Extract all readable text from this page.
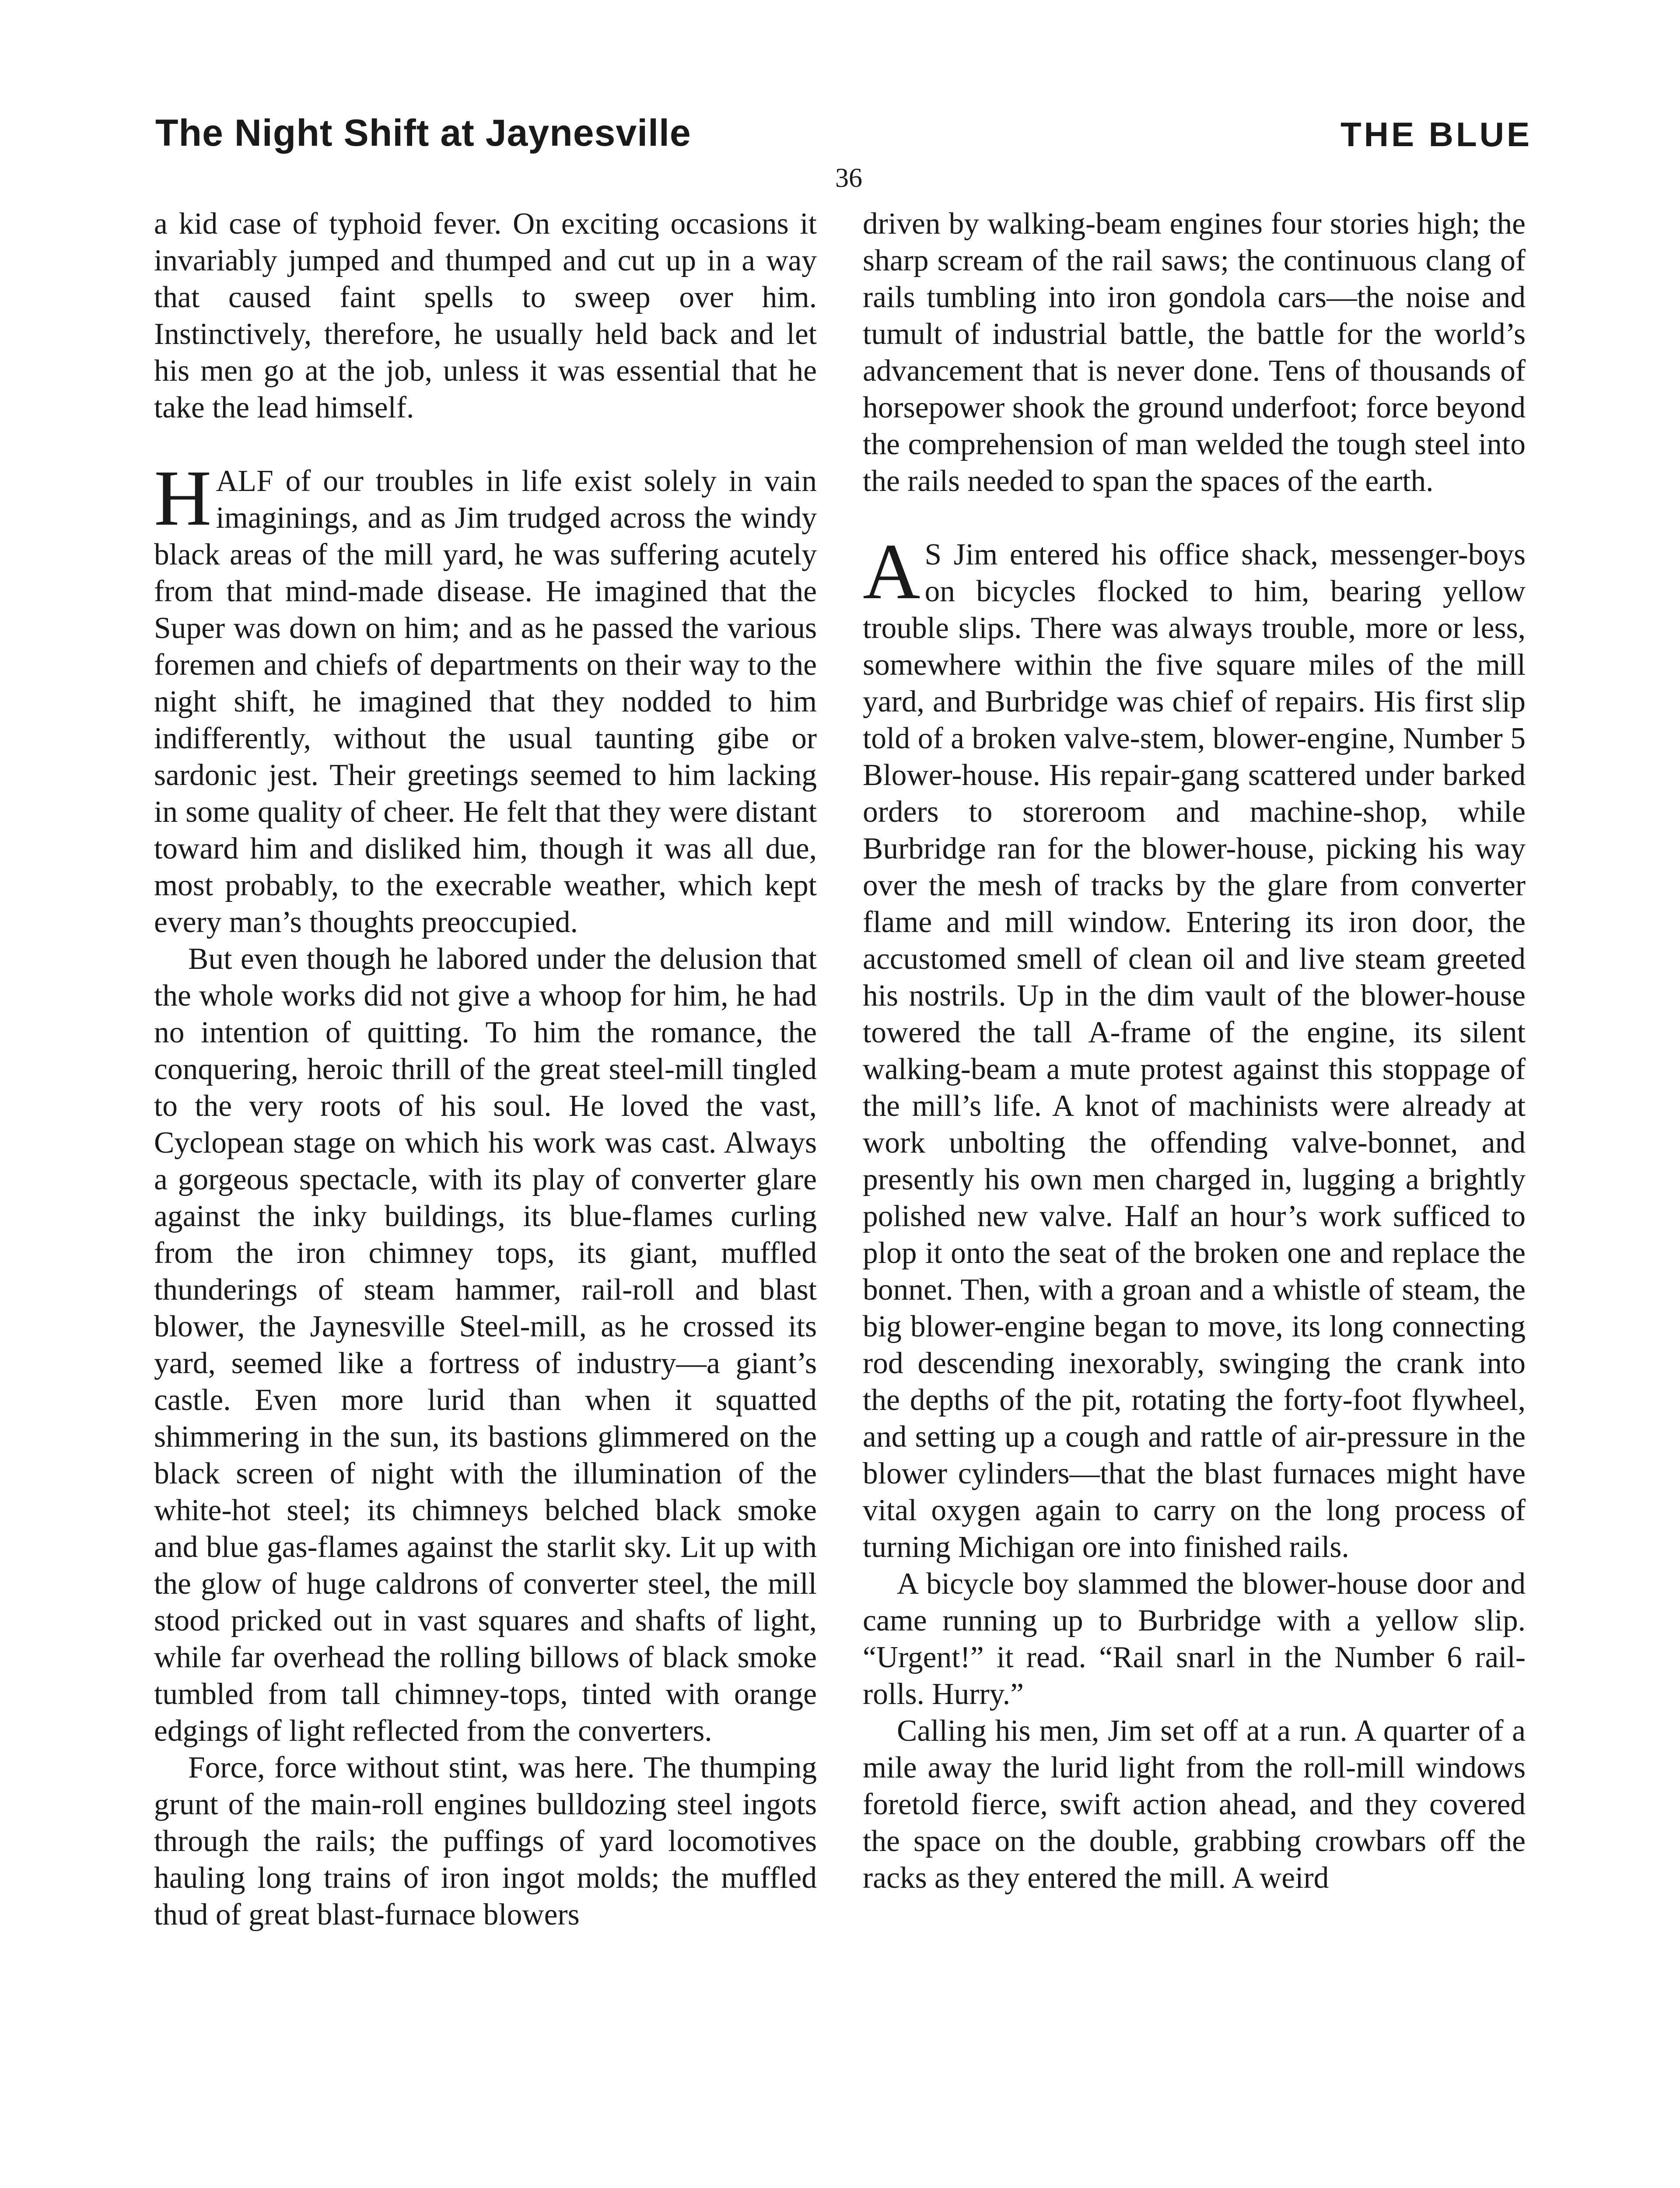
The Night Shift at Jaynesville	THE BLUE
36

a kid case of typhoid fever. On exciting occasions it invariably jumped and thumped and cut up in a way that caused faint spells to sweep over him. Instinctively, therefore, he usually held back and let his men go at the job, unless it was essential that he take the lead himself.

HALF of our troubles in life exist solely in vain imaginings, and as Jim trudged across the windy black areas of the mill yard, he was suffering acutely from that mind-made disease. He imagined that the Super was down on him; and as he passed the various foremen and chiefs of departments on their way to the night shift, he imagined that they nodded to him indifferently, without the usual taunting gibe or sardonic jest. Their greetings seemed to him lacking in some quality of cheer. He felt that they were distant toward him and disliked him, though it was all due, most probably, to the execrable weather, which kept every man’s thoughts preoccupied.

But even though he labored under the delusion that the whole works did not give a whoop for him, he had no intention of quitting. To him the romance, the conquering, heroic thrill of the great steel-mill tingled to the very roots of his soul. He loved the vast, Cyclopean stage on which his work was cast. Always a gorgeous spectacle, with its play of converter glare against the inky buildings, its blue-flames curling from the iron chimney tops, its giant, muffled thunderings of steam hammer, rail-roll and blast blower, the Jaynesville Steel-mill, as he crossed its yard, seemed like a fortress of industry—a giant’s castle. Even more lurid than when it squatted shimmering in the sun, its bastions glimmered on the black screen of night with the illumination of the white-hot steel; its chimneys belched black smoke and blue gas-flames against the starlit sky. Lit up with the glow of huge caldrons of converter steel, the mill stood pricked out in vast squares and shafts of light, while far overhead the rolling billows of black smoke tumbled from tall chimney-tops, tinted with orange edgings of light reflected from the converters.

Force, force without stint, was here. The thumping grunt of the main-roll engines bulldozing steel ingots through the rails; the puffings of yard locomotives hauling long trains of iron ingot molds; the muffled thud of great blast-furnace blowers

driven by walking-beam engines four stories high; the sharp scream of the rail saws; the continuous clang of rails tumbling into iron gondola cars—the noise and tumult of industrial battle, the battle for the world’s advancement that is never done. Tens of thousands of horsepower shook the ground underfoot; force beyond the comprehension of man welded the tough steel into the rails needed to span the spaces of the earth.

A S Jim entered his office shack, messenger-boys on bicycles flocked to him, bearing yellow trouble slips. There was always trouble, more or less, somewhere within the five square miles of the mill yard, and Burbridge was chief of repairs. His first slip told of a broken valve-stem, blower-engine, Number 5 Blower-house. His repair-gang scattered under barked orders to storeroom and machine-shop, while Burbridge ran for the blower-house, picking his way over the mesh of tracks by the glare from converter flame and mill window. Entering its iron door, the accustomed smell of clean oil and live steam greeted his nostrils. Up in the dim vault of the blower-house towered the tall A-frame of the engine, its silent walking-beam a mute protest against this stoppage of the mill’s life. A knot of machinists were already at work unbolting the offending valve-bonnet, and presently his own men charged in, lugging a brightly polished new valve. Half an hour’s work sufficed to plop it onto the seat of the broken one and replace the bonnet. Then, with a groan and a whistle of steam, the big blower-engine began to move, its long connecting rod descending inexorably, swinging the crank into the depths of the pit, rotating the forty-foot flywheel, and setting up a cough and rattle of air-pressure in the blower cylinders—that the blast furnaces might have vital oxygen again to carry on the long process of turning Michigan ore into finished rails.

A bicycle boy slammed the blower-house door and came running up to Burbridge with a yellow slip. “Urgent!” it read. “Rail snarl in the Number 6 rail-rolls. Hurry.”

Calling his men, Jim set off at a run. A quarter of a mile away the lurid light from the roll-mill windows foretold fierce, swift action ahead, and they covered the space on the double, grabbing crowbars off the racks as they entered the mill. A weird
